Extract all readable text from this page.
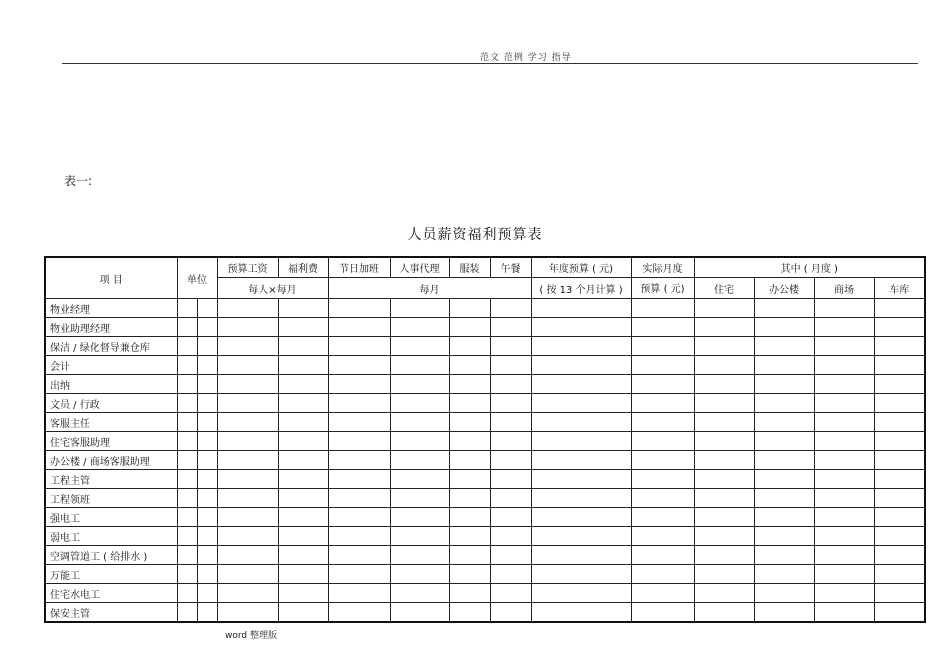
范文 范例 学习 指导
表一:
人员薪资福利预算表
项 目	单位		预算工资	福利费	节日加班	人事代理	服装	午餐	年度预算 ( 元)	实际月度	其中 ( 月度 )			
			每人×每月		每月				( 按 13 个月计算 )	预算 ( 元)	住宅	办公楼	商场	车库
物业经理														
物业助理经理														
保洁 / 绿化督导兼仓库														
会计														
出纳														
文员 / 行政														
客服主任														
住宅客服助理														
办公楼 / 商场客服助理														
工程主管														
工程领班														
强电工														
弱电工														
空调管道工 ( 给排水 )														
万能工														
住宅水电工														
保安主管														
word 整理版
